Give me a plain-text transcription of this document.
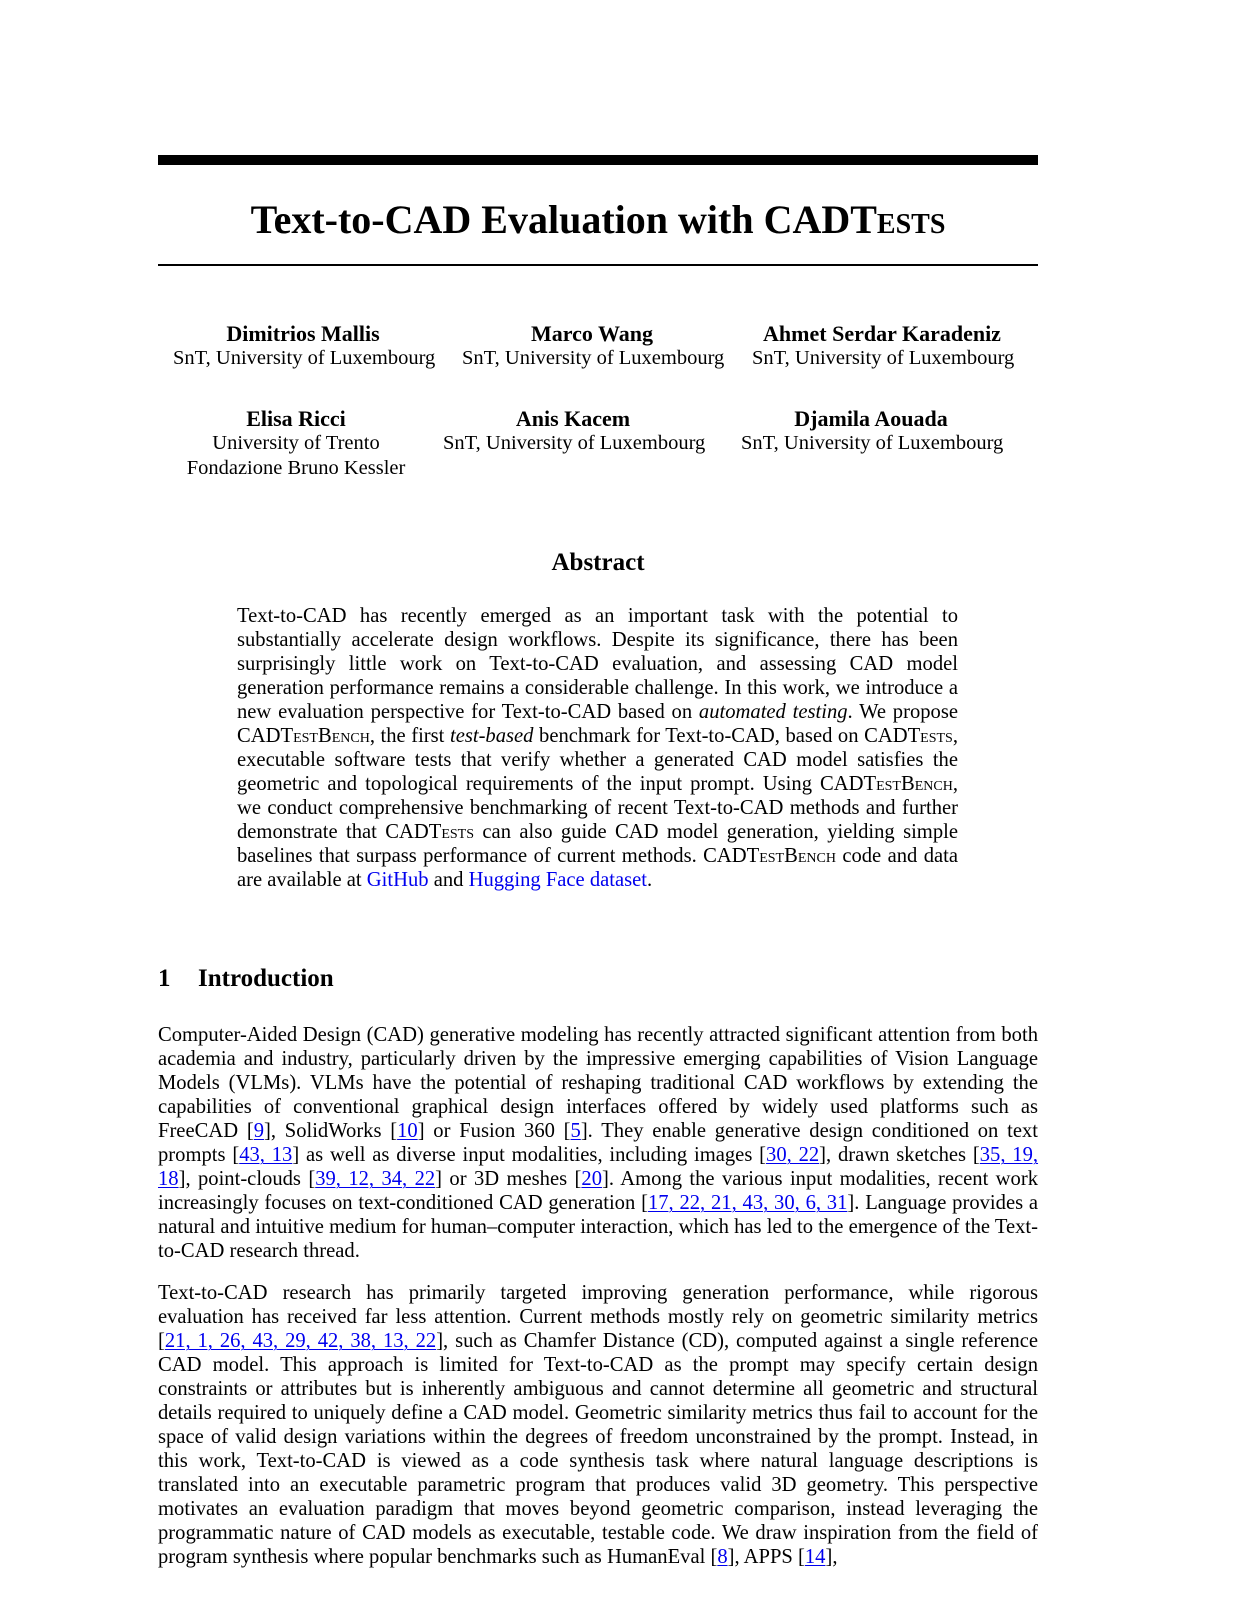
Text-to-CAD Evaluation with CADTests
Dimitrios Mallis
SnT, University of Luxembourg
Marco Wang
SnT, University of Luxembourg
Ahmet Serdar Karadeniz
SnT, University of Luxembourg
Elisa Ricci
University of Trento
Fondazione Bruno Kessler
Anis Kacem
SnT, University of Luxembourg
Djamila Aouada
SnT, University of Luxembourg
Abstract

Text-to-CAD has recently emerged as an important task with the potential to substantially accelerate design workflows. Despite its significance, there has been surprisingly little work on Text-to-CAD evaluation, and assessing CAD model generation performance remains a considerable challenge. In this work, we introduce a new evaluation perspective for Text-to-CAD based on automated testing. We propose CADTestBench, the first test-based benchmark for Text-to-CAD, based on CADTests, executable software tests that verify whether a generated CAD model satisfies the geometric and topological requirements of the input prompt. Using CADTestBench, we conduct comprehensive benchmarking of recent Text-to-CAD methods and further demonstrate that CADTests can also guide CAD model generation, yielding simple baselines that surpass performance of current methods. CADTestBench code and data are available at GitHub and Hugging Face dataset.

1 Introduction

Computer-Aided Design (CAD) generative modeling has recently attracted significant attention from both academia and industry, particularly driven by the impressive emerging capabilities of Vision Language Models (VLMs). VLMs have the potential of reshaping traditional CAD workflows by extending the capabilities of conventional graphical design interfaces offered by widely used platforms such as FreeCAD [9], SolidWorks [10] or Fusion 360 [5]. They enable generative design conditioned on text prompts [43, 13] as well as diverse input modalities, including images [30, 22], drawn sketches [35, 19, 18], point-clouds [39, 12, 34, 22] or 3D meshes [20]. Among the various input modalities, recent work increasingly focuses on text-conditioned CAD generation [17, 22, 21, 43, 30, 6, 31]. Language provides a natural and intuitive medium for human–computer interaction, which has led to the emergence of the Text-to-CAD research thread.

Text-to-CAD research has primarily targeted improving generation performance, while rigorous evaluation has received far less attention. Current methods mostly rely on geometric similarity metrics [21, 1, 26, 43, 29, 42, 38, 13, 22], such as Chamfer Distance (CD), computed against a single reference CAD model. This approach is limited for Text-to-CAD as the prompt may specify certain design constraints or attributes but is inherently ambiguous and cannot determine all geometric and structural details required to uniquely define a CAD model. Geometric similarity metrics thus fail to account for the space of valid design variations within the degrees of freedom unconstrained by the prompt. Instead, in this work, Text-to-CAD is viewed as a code synthesis task where natural language descriptions is translated into an executable parametric program that produces valid 3D geometry. This perspective motivates an evaluation paradigm that moves beyond geometric comparison, instead leveraging the programmatic nature of CAD models as executable, testable code. We draw inspiration from the field of program synthesis where popular benchmarks such as HumanEval [8], APPS [14],
